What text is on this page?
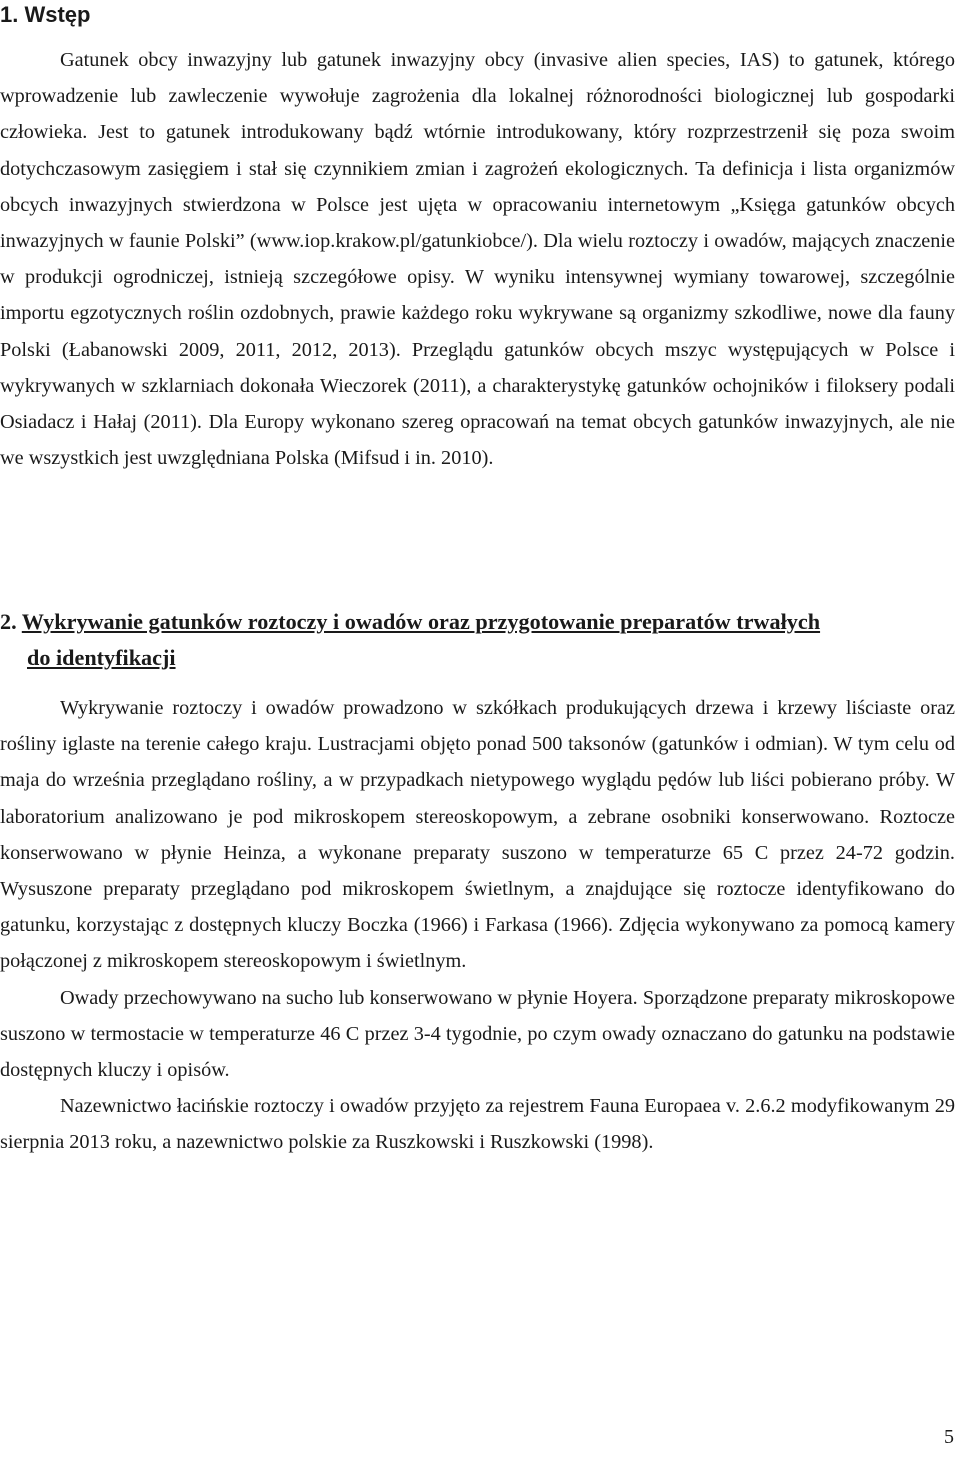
1. Wstęp

Gatunek obcy inwazyjny lub gatunek inwazyjny obcy (invasive alien species, IAS) to gatunek, którego wprowadzenie lub zawleczenie wywołuje zagrożenia dla lokalnej różnorodności biologicznej lub gospodarki człowieka. Jest to gatunek introdukowany bądź wtórnie introdukowany, który rozprzestrzenił się poza swoim dotychczasowym zasięgiem i stał się czynnikiem zmian i zagrożeń ekologicznych. Ta definicja i lista organizmów obcych inwazyjnych stwierdzona w Polsce jest ujęta w opracowaniu internetowym „Księga gatunków obcych inwazyjnych w faunie Polski” (www.iop.krakow.pl/gatunkiobce/). Dla wielu roztoczy i owadów, mających znaczenie w produkcji ogrodniczej, istnieją szczegółowe opisy. W wyniku intensywnej wymiany towarowej, szczególnie importu egzotycznych roślin ozdobnych, prawie każdego roku wykrywane są organizmy szkodliwe, nowe dla fauny Polski (Łabanowski 2009, 2011, 2012, 2013). Przeglądu gatunków obcych mszyc występujących w Polsce i wykrywanych w szklarniach dokonała Wieczorek (2011), a charakterystykę gatunków ochojników i filoksery podali Osiadacz i Hałaj (2011). Dla Europy wykonano szereg opracowań na temat obcych gatunków inwazyjnych, ale nie we wszystkich jest uwzględniana Polska (Mifsud i in. 2010).

2. Wykrywanie gatunków roztoczy i owadów oraz przygotowanie preparatów trwałych
do identyfikacji

Wykrywanie roztoczy i owadów prowadzono w szkółkach produkujących drzewa i krzewy liściaste oraz rośliny iglaste na terenie całego kraju. Lustracjami objęto ponad 500 taksonów (gatunków i odmian). W tym celu od maja do września przeglądano rośliny, a w przypadkach nietypowego wyglądu pędów lub liści pobierano próby. W laboratorium analizowano je pod mikroskopem stereoskopowym, a zebrane osobniki konserwowano. Roztocze konserwowano w płynie Heinza, a wykonane preparaty suszono w temperaturze 65 C przez 24-72 godzin. Wysuszone preparaty przeglądano pod mikroskopem świetlnym, a znajdujące się roztocze identyfikowano do gatunku, korzystając z dostępnych kluczy Boczka (1966) i Farkasa (1966). Zdjęcia wykonywano za pomocą kamery połączonej z mikroskopem stereoskopowym i świetlnym.

Owady przechowywano na sucho lub konserwowano w płynie Hoyera. Sporządzone preparaty mikroskopowe suszono w termostacie w temperaturze 46 C przez 3-4 tygodnie, po czym owady oznaczano do gatunku na podstawie dostępnych kluczy i opisów.

Nazewnictwo łacińskie roztoczy i owadów przyjęto za rejestrem Fauna Europaea v. 2.6.2 modyfikowanym 29 sierpnia 2013 roku, a nazewnictwo polskie za Ruszkowski i Ruszkowski (1998).

5
